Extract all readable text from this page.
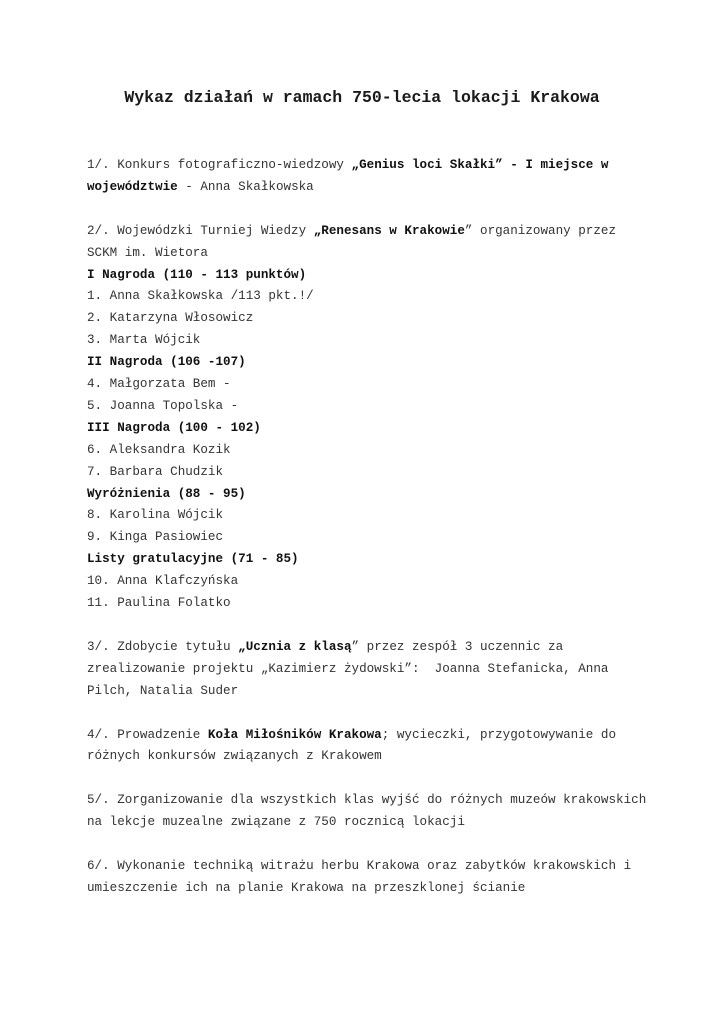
Wykaz działań w ramach 750-lecia lokacji Krakowa
1/. Konkurs fotograficzno-wiedzowy „Genius loci Skałki” - I miejsce w
województwie - Anna Skałkowska
2/. Wojewódzki Turniej Wiedzy „Renesans w Krakowie” organizowany przez
SCKM im. Wietora
I Nagroda (110 - 113 punktów)
1. Anna Skałkowska /113 pkt.!/
2. Katarzyna Włosowicz
3. Marta Wójcik
II Nagroda (106 -107)
4. Małgorzata Bem -
5. Joanna Topolska -
III Nagroda (100 - 102)
6. Aleksandra Kozik
7. Barbara Chudzik
Wyróżnienia (88 - 95)
8. Karolina Wójcik
9. Kinga Pasiowiec
Listy gratulacyjne (71 - 85)
10. Anna Klafczyńska
11. Paulina Folatko
3/. Zdobycie tytułu „Ucznia z klasą” przez zespół 3 uczennic za
zrealizowanie projektu „Kazimierz żydowski”:  Joanna Stefanicka, Anna
Pilch, Natalia Suder
4/. Prowadzenie Koła Miłośników Krakowa; wycieczki, przygotowywanie do
różnych konkursów związanych z Krakowem
5/. Zorganizowanie dla wszystkich klas wyjść do różnych muzeów krakowskich
na lekcje muzealne związane z 750 rocznicą lokacji
6/. Wykonanie techniką witrażu herbu Krakowa oraz zabytków krakowskich i
umieszczenie ich na planie Krakowa na przeszklonej ścianie
